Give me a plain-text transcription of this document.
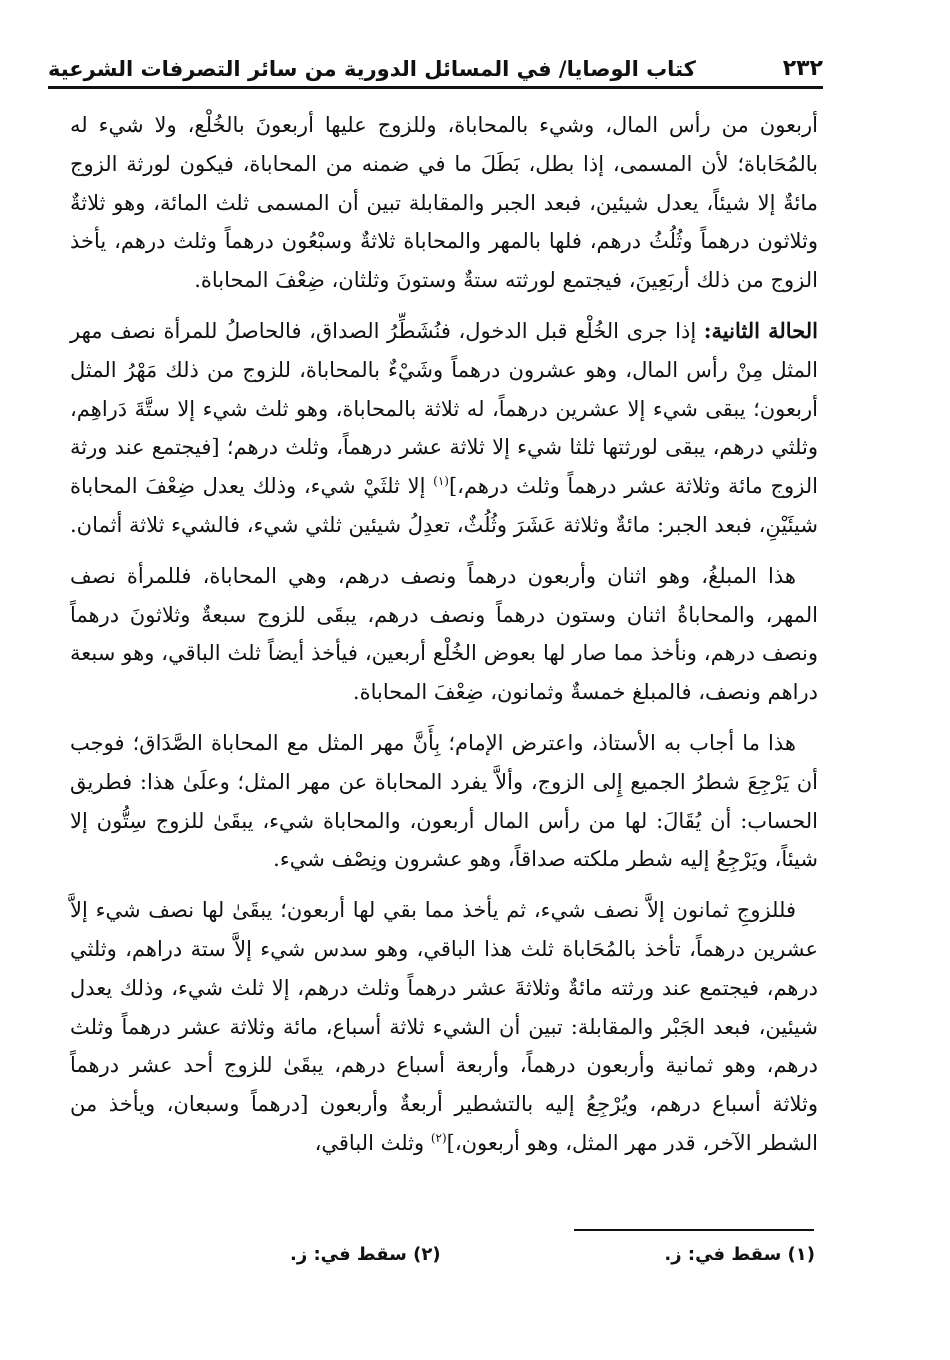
٢٣٢
كتاب الوصايا/ في المسائل الدورية من سائر التصرفات الشرعية

أربعون من رأس المال، وشيء بالمحاباة، وللزوج عليها أربعونَ بالخُلْع، ولا شيء له بالمُحَاباة؛ لأن المسمى، إذا بطل، بَطَلَ ما في ضمنه من المحاباة، فيكون لورثة الزوج مائةٌ إلا شيئاً، يعدل شيئين، فبعد الجبر والمقابلة تبين أن المسمى ثلث المائة، وهو ثلاثةٌ وثلاثون درهماً وثُلُثُ درهم، فلها بالمهر والمحاباة ثلاثةٌ وسبْعُون درهماً وثلث درهم، يأخذ الزوج من ذلك أربَعِينَ، فيجتمع لورثته ستةٌ وستونَ وثلثان، ضِعْفَ المحاباة.

الحالة الثانية: إذا جرى الخُلْع قبل الدخول، فنُشَطِّرُ الصداق، فالحاصلُ للمرأة نصف مهر المثل مِنْ رأس المال، وهو عشرون درهماً وشَيْءٌ بالمحاباة، للزوج من ذلك مَهْرُ المثل أربعون؛ يبقى شيء إلا عشرين درهماً، له ثلاثة بالمحاباة، وهو ثلث شيء إلا ستَّةَ دَراهِم، وثلثي درهم، يبقى لورثتها ثلثا شيء إلا ثلاثة عشر درهماً، وثلث درهم؛ [فيجتمع عند ورثة الزوج مائة وثلاثة عشر درهماً وثلث درهم،]$^{(١)}$ إلا ثلثَيْ شيء، وذلك يعدل ضِعْفَ المحاباة شيئَيْنِ، فبعد الجبر: مائةٌ وثلاثة عَشَرَ وثُلُثٌ، تعدِلُ شيئين ثلثي شيء، فالشيء ثلاثة أثمان.

هذا المبلغُ، وهو اثنان وأربعون درهماً ونصف درهم، وهي المحاباة، فللمرأة نصف المهر، والمحاباةُ اثنان وستون درهماً ونصف درهم، يبقَى للزوج سبعةٌ وثلاثونَ درهماً ونصف درهم، ونأخذ مما صار لها بعوض الخُلْع أربعين، فيأخذ أيضاً ثلث الباقي، وهو سبعة دراهم ونصف، فالمبلغ خمسةٌ وثمانون، ضِعْفَ المحاباة.

هذا ما أجاب به الأستاذ، واعترض الإمام؛ بِأَنَّ مهر المثل مع المحاباة الصَّدَاق؛ فوجب أن يَرْجِعَ شطرُ الجميع إِلى الزوج، وألاَّ يفرد المحاباة عن مهر المثل؛ وعلَىٰ هذا: فطريق الحساب: أن يُقَالَ: لها من رأس المال أربعون، والمحاباة شيء، يبقَىٰ للزوج سِتُّون إلا شيئاً، ويَرْجِعُ إليه شطر ملكته صداقاً، وهو عشرون ونِصْف شيء.

فللزوجِ ثمانون إلاَّ نصف شيء، ثم يأخذ مما بقي لها أربعون؛ يبقَىٰ لها نصف شيء إلاَّ عشرين درهماً، تأخذ بالمُحَاباة ثلث هذا الباقي، وهو سدس شيء إلاَّ ستة دراهم، وثلثي درهم، فيجتمع عند ورثته مائةٌ وثلاثةَ عشر درهماً وثلث درهم، إلا ثلث شيء، وذلك يعدل شيئين، فبعد الجَبْر والمقابلة: تبين أن الشيء ثلاثة أسباع، مائة وثلاثة عشر درهماً وثلث درهم، وهو ثمانية وأربعون درهماً، وأربعة أسباع درهم، يبقَىٰ للزوج أحد عشر درهماً وثلاثة أسباع درهم، ويُرْجِعُ إليه بالتشطير أربعةٌ وأربعون [درهماً وسبعان، ويأخذ من الشطر الآخر، قدر مهر المثل، وهو أربعون،]$^{(٢)}$ وثلث الباقي،

(١) سقط في: ز.
(٢) سقط في: ز.
